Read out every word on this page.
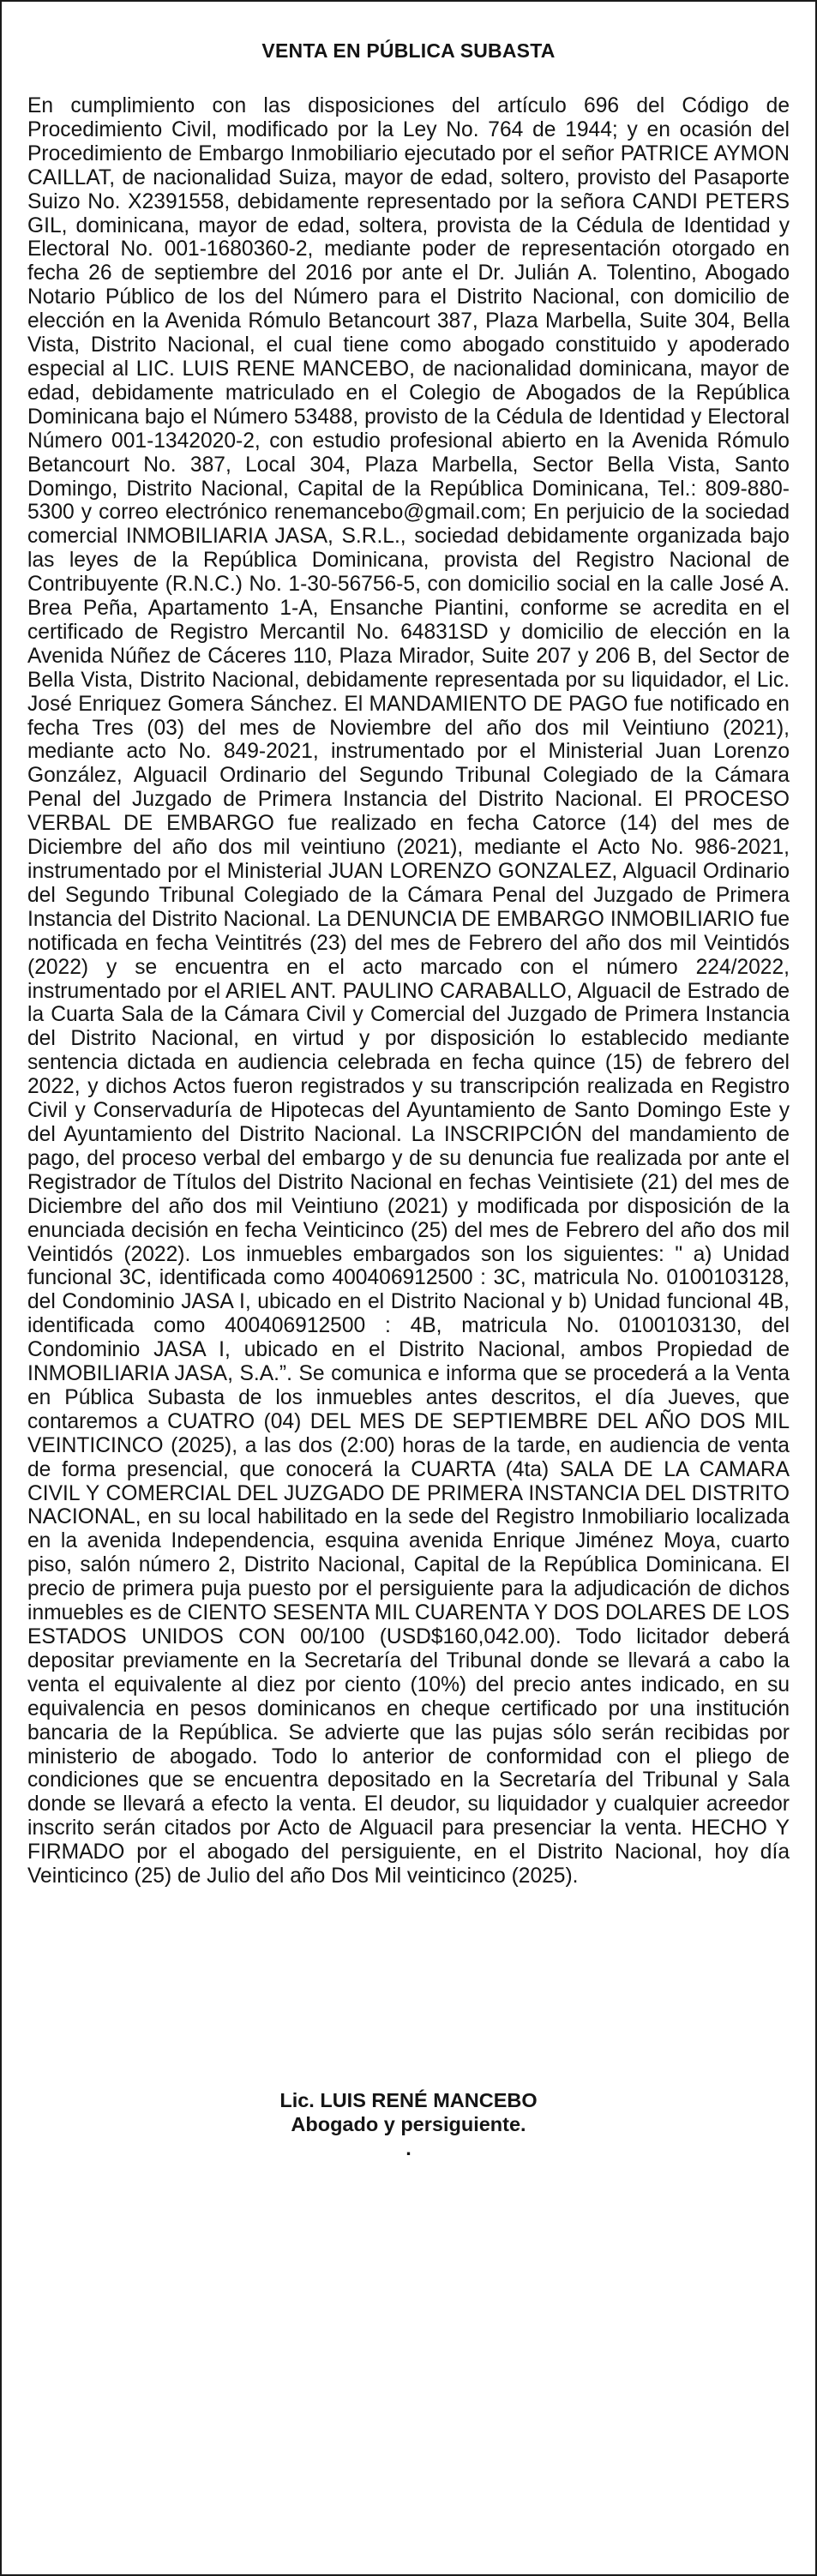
VENTA EN PÚBLICA SUBASTA

En cumplimiento con las disposiciones del artículo 696 del Código de Procedimiento Civil, modificado por la Ley No. 764 de 1944; y en ocasión del Procedimiento de Embargo Inmobiliario ejecutado por el señor PATRICE AYMON CAILLAT, de nacionalidad Suiza, mayor de edad, soltero, provisto del Pasaporte Suizo No. X2391558, debidamente representado por la señora CANDI PETERS GIL, dominicana, mayor de edad, soltera, provista de la Cédula de Identidad y Electoral No. 001-1680360-2, mediante poder de representación otorgado en fecha 26 de septiembre del 2016 por ante el Dr. Julián A. Tolentino, Abogado Notario Público de los del Número para el Distrito Nacional, con domicilio de elección en la Avenida Rómulo Betancourt 387, Plaza Marbella, Suite 304, Bella Vista, Distrito Nacional, el cual tiene como abogado constituido y apoderado especial al LIC. LUIS RENE MANCEBO, de nacionalidad dominicana, mayor de edad, debidamente matriculado en el Colegio de Abogados de la República Dominicana bajo el Número 53488, provisto de la Cédula de Identidad y Electoral Número 001-1342020-2, con estudio profesional abierto en la Avenida Rómulo Betancourt No. 387, Local 304, Plaza Marbella, Sector Bella Vista, Santo Domingo, Distrito Nacional, Capital de la República Dominicana, Tel.: 809-880-5300 y correo electrónico renemancebo@gmail.com; En perjuicio de la sociedad comercial INMOBILIARIA JASA, S.R.L., sociedad debidamente organizada bajo las leyes de la República Dominicana, provista del Registro Nacional de Contribuyente (R.N.C.) No. 1-30-56756-5, con domicilio social en la calle José A. Brea Peña, Apartamento 1-A, Ensanche Piantini, conforme se acredita en el certificado de Registro Mercantil No. 64831SD y domicilio de elección en la Avenida Núñez de Cáceres 110, Plaza Mirador, Suite 207 y 206 B, del Sector de Bella Vista, Distrito Nacional, debidamente representada por su liquidador, el Lic. José Enriquez Gomera Sánchez. El MANDAMIENTO DE PAGO fue notificado en fecha Tres (03) del mes de Noviembre del año dos mil Veintiuno (2021), mediante acto No. 849-2021, instrumentado por el Ministerial Juan Lorenzo González, Alguacil Ordinario del Segundo Tribunal Colegiado de la Cámara Penal del Juzgado de Primera Instancia del Distrito Nacional. El PROCESO VERBAL DE EMBARGO fue realizado en fecha Catorce (14) del mes de Diciembre del año dos mil veintiuno (2021), mediante el Acto No. 986-2021, instrumentado por el Ministerial JUAN LORENZO GONZALEZ, Alguacil Ordinario del Segundo Tribunal Colegiado de la Cámara Penal del Juzgado de Primera Instancia del Distrito Nacional. La DENUNCIA DE EMBARGO INMOBILIARIO fue notificada en fecha Veintitrés (23) del mes de Febrero del año dos mil Veintidós (2022) y se encuentra en el acto marcado con el número 224/2022, instrumentado por el ARIEL ANT. PAULINO CARABALLO, Alguacil de Estrado de la Cuarta Sala de la Cámara Civil y Comercial del Juzgado de Primera Instancia del Distrito Nacional, en virtud y por disposición lo establecido mediante sentencia dictada en audiencia celebrada en fecha quince (15) de febrero del 2022, y dichos Actos fueron registrados y su transcripción realizada en Registro Civil y Conservaduría de Hipotecas del Ayuntamiento de Santo Domingo Este y del Ayuntamiento del Distrito Nacional. La INSCRIPCIÓN del mandamiento de pago, del proceso verbal del embargo y de su denuncia fue realizada por ante el Registrador de Títulos del Distrito Nacional en fechas Veintisiete (21) del mes de Diciembre del año dos mil Veintiuno (2021) y modificada por disposición de la enunciada decisión en fecha Veinticinco (25) del mes de Febrero del año dos mil Veintidós (2022). Los inmuebles embargados son los siguientes: " a) Unidad funcional 3C, identificada como 400406912500 : 3C, matricula No. 0100103128, del Condominio JASA I, ubicado en el Distrito Nacional y b) Unidad funcional 4B, identificada como 400406912500 : 4B, matricula No. 0100103130, del Condominio JASA I, ubicado en el Distrito Nacional, ambos Propiedad de INMOBILIARIA JASA, S.A.”. Se comunica e informa que se procederá a la Venta en Pública Subasta de los inmuebles antes descritos, el día Jueves, que contaremos a CUATRO (04) DEL MES DE SEPTIEMBRE DEL AÑO DOS MIL VEINTICINCO (2025), a las dos (2:00) horas de la tarde, en audiencia de venta de forma presencial, que conocerá la CUARTA (4ta) SALA DE LA CAMARA CIVIL Y COMERCIAL DEL JUZGADO DE PRIMERA INSTANCIA DEL DISTRITO NACIONAL, en su local habilitado en la sede del Registro Inmobiliario localizada en la avenida Independencia, esquina avenida Enrique Jiménez Moya, cuarto piso, salón número 2, Distrito Nacional, Capital de la República Dominicana. El precio de primera puja puesto por el persiguiente para la adjudicación de dichos inmuebles es de CIENTO SESENTA MIL CUARENTA Y DOS DOLARES DE LOS ESTADOS UNIDOS CON 00/100 (USD$160,042.00). Todo licitador deberá depositar previamente en la Secretaría del Tribunal donde se llevará a cabo la venta el equivalente al diez por ciento (10%) del precio antes indicado, en su equivalencia en pesos dominicanos en cheque certificado por una institución bancaria de la República. Se advierte que las pujas sólo serán recibidas por ministerio de abogado. Todo lo anterior de conformidad con el pliego de condiciones que se encuentra depositado en la Secretaría del Tribunal y Sala donde se llevará a efecto la venta. El deudor, su liquidador y cualquier acreedor inscrito serán citados por Acto de Alguacil para presenciar la venta. HECHO Y FIRMADO por el abogado del persiguiente, en el Distrito Nacional, hoy día Veinticinco (25) de Julio del año Dos Mil veinticinco (2025).

Lic. LUIS RENÉ MANCEBO
Abogado y persiguiente.
.
